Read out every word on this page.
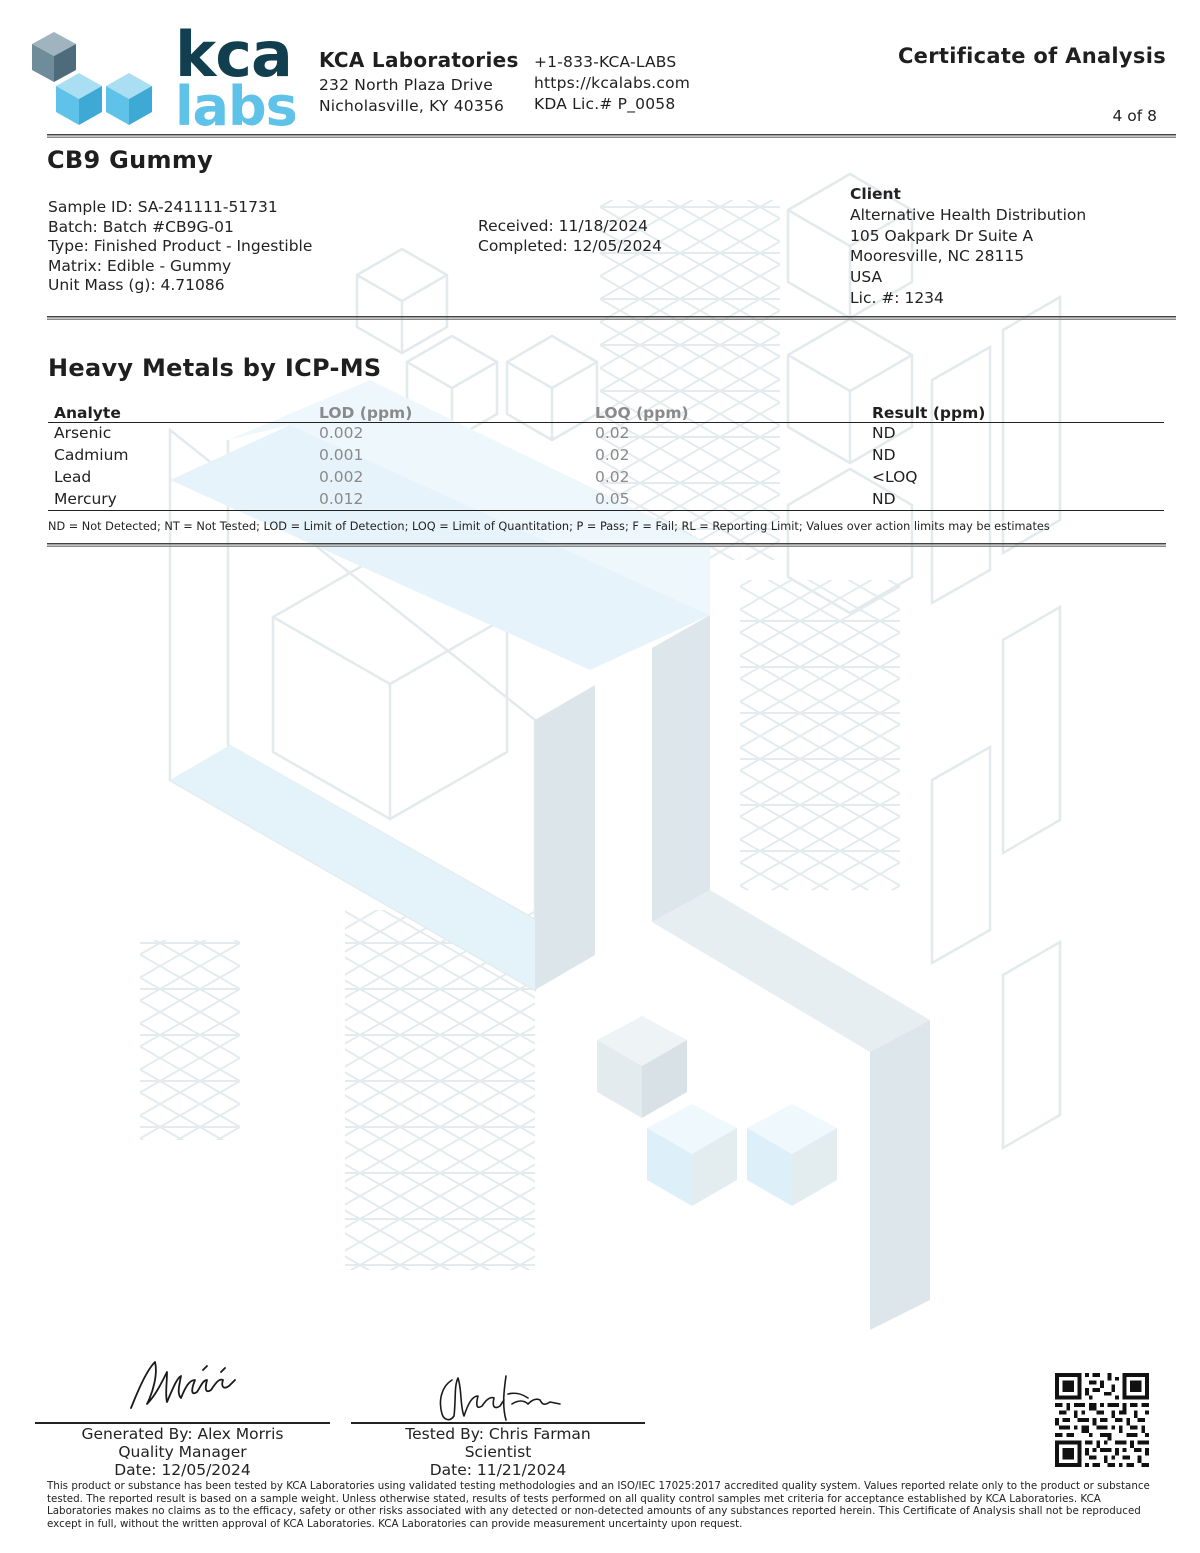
kca
labs
KCA Laboratories
232 North Plaza Drive
Nicholasville, KY 40356
+1-833-KCA-LABS
https://kcalabs.com
KDA Lic.# P_0058
Certificate of Analysis
4 of 8
CB9 Gummy
Sample ID: SA-241111-51731
Batch: Batch #CB9G-01
Type: Finished Product - Ingestible
Matrix: Edible - Gummy
Unit Mass (g): 4.71086
Received: 11/18/2024
Completed: 12/05/2024
Client
Alternative Health Distribution
105 Oakpark Dr Suite A
Mooresville, NC 28115
USA
Lic. #: 1234
Heavy Metals by ICP-MS
Analyte	LOD (ppm)	LOQ (ppm)	Result (ppm)
Arsenic	0.002	0.02	ND
Cadmium	0.001	0.02	ND
Lead	0.002	0.02	<LOQ
Mercury	0.012	0.05	ND
ND = Not Detected; NT = Not Tested; LOD = Limit of Detection; LOQ = Limit of Quantitation; P = Pass; F = Fail; RL = Reporting Limit; Values over action limits may be estimates
Generated By: Alex Morris
Quality Manager
Date: 12/05/2024
Tested By: Chris Farman
Scientist
Date: 11/21/2024
This product or substance has been tested by KCA Laboratories using validated testing methodologies and an ISO/IEC 17025:2017 accredited quality system. Values reported relate only to the product or substance tested. The reported result is based on a sample weight. Unless otherwise stated, results of tests performed on all quality control samples met criteria for acceptance established by KCA Laboratories. KCA Laboratories makes no claims as to the efficacy, safety or other risks associated with any detected or non-detected amounts of any substances reported herein. This Certificate of Analysis shall not be reproduced except in full, without the written approval of KCA Laboratories. KCA Laboratories can provide measurement uncertainty upon request.
